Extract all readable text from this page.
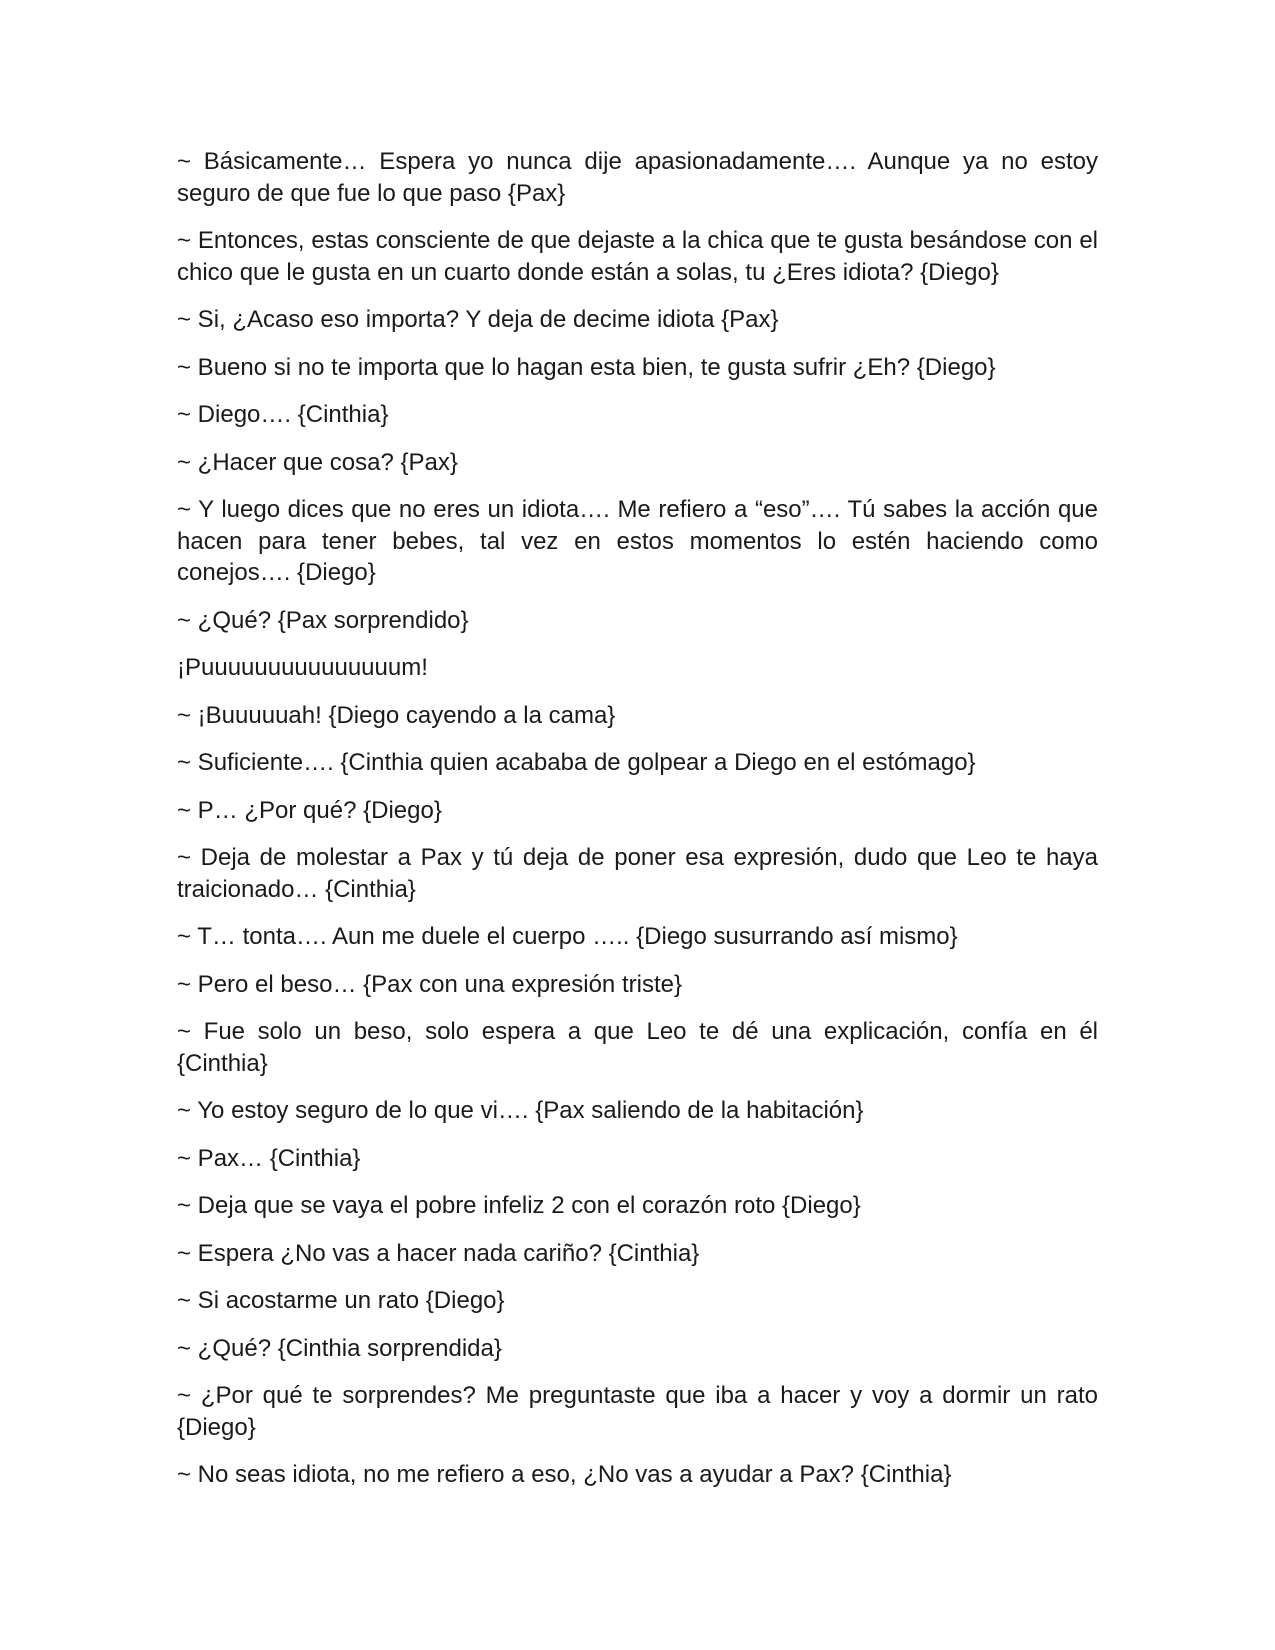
~ Básicamente… Espera yo nunca dije apasionadamente…. Aunque ya no estoy seguro de que fue lo que paso {Pax}

~ Entonces, estas consciente de que dejaste a la chica que te gusta besándose con el chico que le gusta en un cuarto donde están a solas, tu ¿Eres idiota? {Diego}

~ Si, ¿Acaso eso importa? Y deja de decime idiota {Pax}

~ Bueno si no te importa que lo hagan esta bien, te gusta sufrir ¿Eh? {Diego}

~ Diego…. {Cinthia}

~ ¿Hacer que cosa? {Pax}

~ Y luego dices que no eres un idiota…. Me refiero a “eso”…. Tú sabes la acción que hacen para tener bebes, tal vez en estos momentos lo estén haciendo como conejos…. {Diego}

~ ¿Qué? {Pax sorprendido}

¡Puuuuuuuuuuuuuuum!

~ ¡Buuuuuah! {Diego cayendo a la cama}

~ Suficiente…. {Cinthia quien acababa de golpear a Diego en el estómago}

~ P… ¿Por qué? {Diego}

~ Deja de molestar a Pax y tú deja de poner esa expresión, dudo que Leo te haya traicionado… {Cinthia}

~ T… tonta…. Aun me duele el cuerpo ….. {Diego susurrando así mismo}

~ Pero el beso… {Pax con una expresión triste}

~ Fue solo un beso, solo espera a que Leo te dé una explicación, confía en él {Cinthia}

~ Yo estoy seguro de lo que vi…. {Pax saliendo de la habitación}

~ Pax… {Cinthia}

~ Deja que se vaya el pobre infeliz 2 con el corazón roto {Diego}

~ Espera ¿No vas a hacer nada cariño? {Cinthia}

~ Si acostarme un rato {Diego}

~ ¿Qué? {Cinthia sorprendida}

~ ¿Por qué te sorprendes? Me preguntaste que iba a hacer y voy a dormir un rato {Diego}

~ No seas idiota, no me refiero a eso, ¿No vas a ayudar a Pax? {Cinthia}
